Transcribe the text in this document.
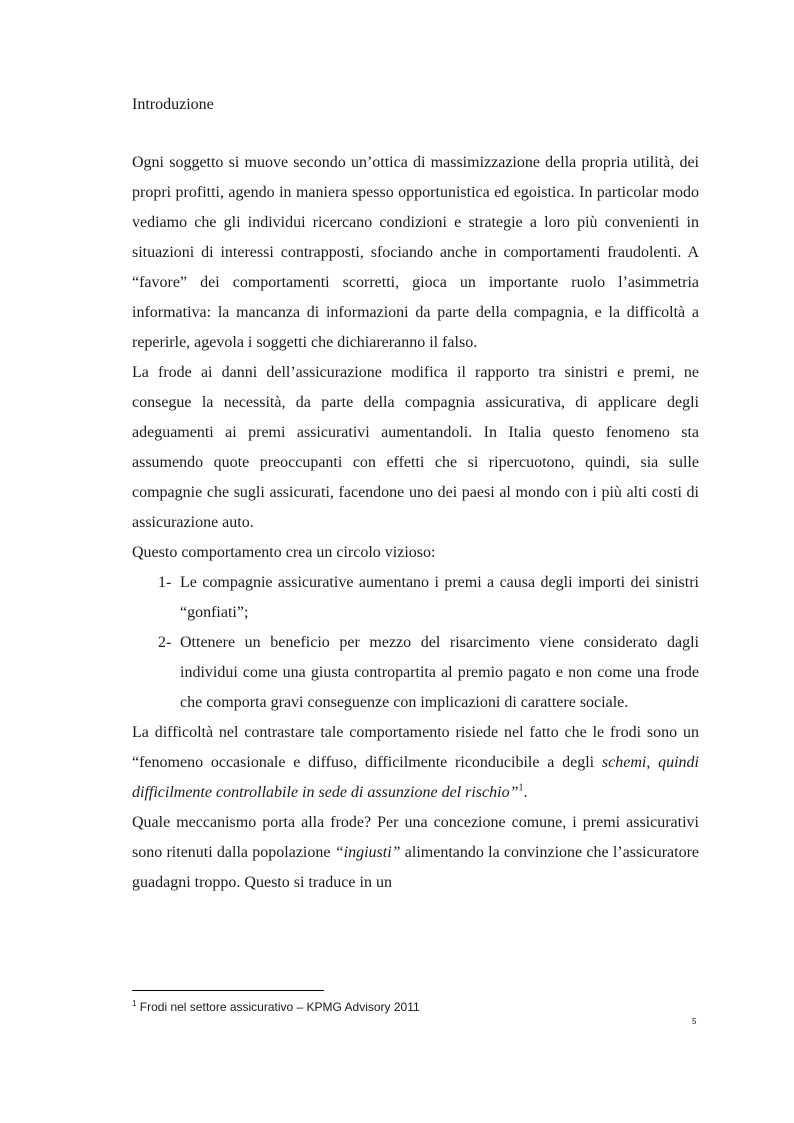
Introduzione

Ogni soggetto si muove secondo un’ottica di massimizzazione della propria utilità, dei propri profitti, agendo in maniera spesso opportunistica ed egoistica. In particolar modo vediamo che gli individui ricercano condizioni e strategie a loro più convenienti in situazioni di interessi contrapposti, sfociando anche in comportamenti fraudolenti. A “favore” dei comportamenti scorretti, gioca un importante ruolo l’asimmetria informativa: la mancanza di informazioni da parte della compagnia, e la difficoltà a reperirle, agevola i soggetti che dichiareranno il falso.

La frode ai danni dell’assicurazione modifica il rapporto tra sinistri e premi, ne consegue la necessità, da parte della compagnia assicurativa, di applicare degli adeguamenti ai premi assicurativi aumentandoli. In Italia questo fenomeno sta assumendo quote preoccupanti con effetti che si ripercuotono, quindi, sia sulle compagnie che sugli assicurati, facendone uno dei paesi al mondo con i più alti costi di assicurazione auto.

Questo comportamento crea un circolo vizioso:

1- Le compagnie assicurative aumentano i premi a causa degli importi dei sinistri “gonfiati”;
2- Ottenere un beneficio per mezzo del risarcimento viene considerato dagli individui come una giusta contropartita al premio pagato e non come una frode che comporta gravi conseguenze con implicazioni di carattere sociale.

La difficoltà nel contrastare tale comportamento risiede nel fatto che le frodi sono un “fenomeno occasionale e diffuso, difficilmente riconducibile a degli schemi, quindi difficilmente controllabile in sede di assunzione del rischio”$^1$.

Quale meccanismo porta alla frode? Per una concezione comune, i premi assicurativi sono ritenuti dalla popolazione “ingiusti” alimentando la convinzione che l’assicuratore guadagni troppo. Questo si traduce in un

$^1$ Frodi nel settore assicurativo – KPMG Advisory 2011
5
